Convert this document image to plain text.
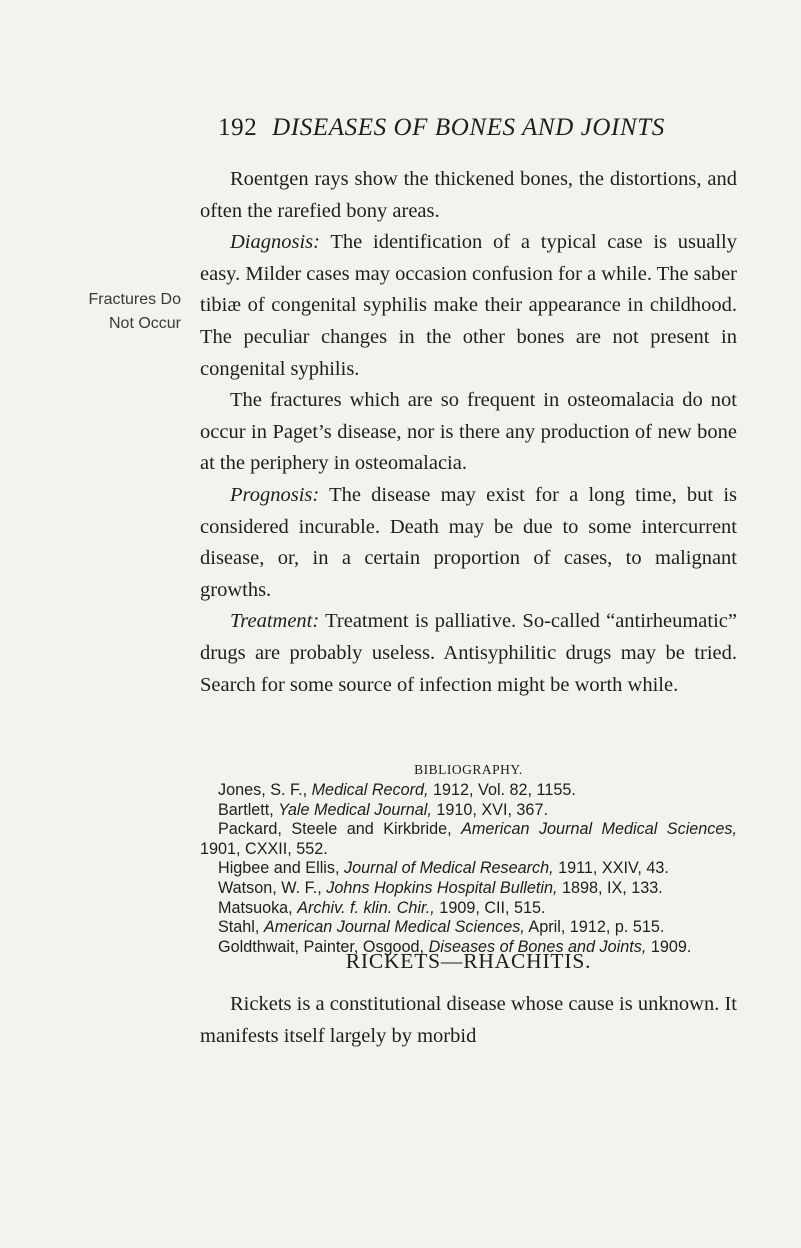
192 DISEASES OF BONES AND JOINTS
Fractures Do
Not Occur

Roentgen rays show the thickened bones, the distortions, and often the rarefied bony areas.

Diagnosis: The identification of a typical case is usually easy. Milder cases may occasion confusion for a while. The saber tibiæ of congenital syphilis make their appearance in childhood. The peculiar changes in the other bones are not present in congenital syphilis.

The fractures which are so frequent in osteomalacia do not occur in Paget’s disease, nor is there any production of new bone at the periphery in osteomalacia.

Prognosis: The disease may exist for a long time, but is considered incurable. Death may be due to some intercurrent disease, or, in a certain proportion of cases, to malignant growths.

Treatment: Treatment is palliative. So-called “antirheumatic” drugs are probably useless. Antisyphilitic drugs may be tried. Search for some source of infection might be worth while.

BIBLIOGRAPHY.

Jones, S. F., Medical Record, 1912, Vol. 82, 1155.

Bartlett, Yale Medical Journal, 1910, XVI, 367.

Packard, Steele and Kirkbride, American Journal Medical Sciences, 1901, CXXII, 552.

Higbee and Ellis, Journal of Medical Research, 1911, XXIV, 43.

Watson, W. F., Johns Hopkins Hospital Bulletin, 1898, IX, 133.

Matsuoka, Archiv. f. klin. Chir., 1909, CII, 515.

Stahl, American Journal Medical Sciences, April, 1912, p. 515.

Goldthwait, Painter, Osgood, Diseases of Bones and Joints, 1909.

RICKETS—RHACHITIS.

Rickets is a constitutional disease whose cause is unknown. It manifests itself largely by morbid
